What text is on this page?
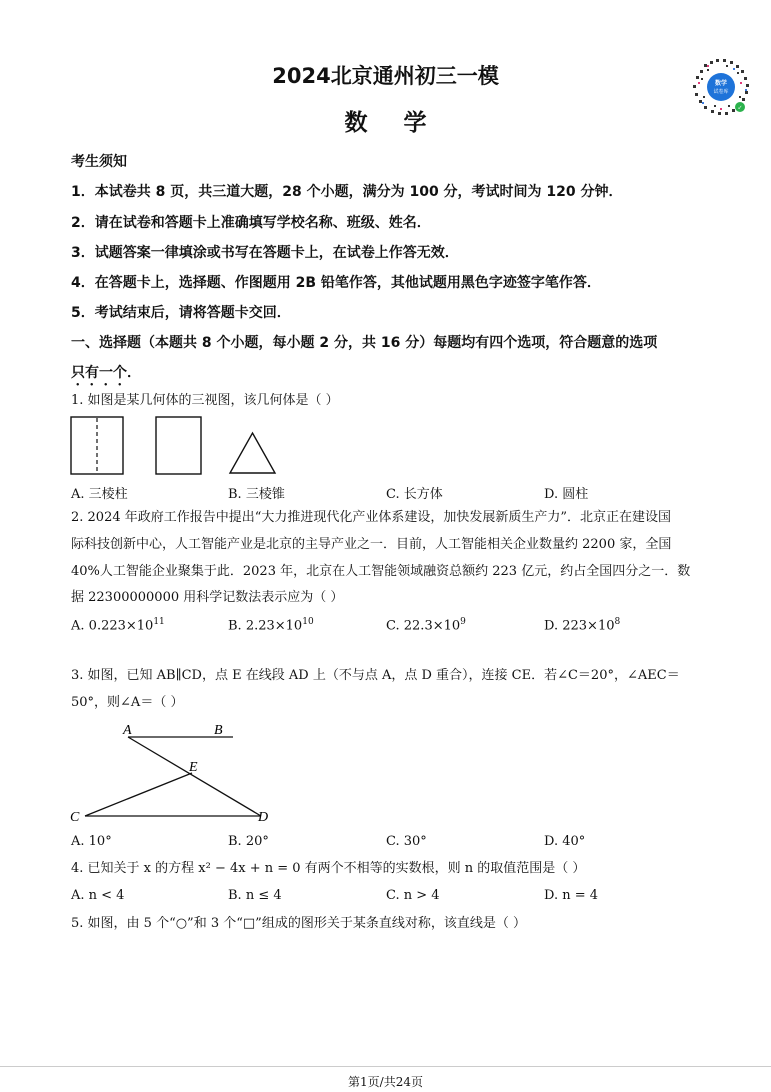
2024北京通州初三一模
数学
数学
试卷库
✓
考生须知
1．本试卷共 8 页，共三道大题，28 个小题，满分为 100 分，考试时间为 120 分钟．
2．请在试卷和答题卡上准确填写学校名称、班级、姓名．
3．试题答案一律填涂或书写在答题卡上，在试卷上作答无效．
4．在答题卡上，选择题、作图题用 2B 铅笔作答，其他试题用黑色字迹签字笔作答．
5．考试结束后，请将答题卡交回．
一、选择题（本题共 8 个小题，每小题 2 分，共 16 分）每题均有四个选项，符合题意的选项
只有一个．
1. 如图是某几何体的三视图，该几何体是（ ）
A. 三棱柱	B. 三棱锥	C. 长方体	D. 圆柱
2. 2024 年政府工作报告中提出“大力推进现代化产业体系建设，加快发展新质生产力”．北京正在建设国
际科技创新中心，人工智能产业是北京的主导产业之一．目前，人工智能相关企业数量约 2200 家，全国
40%人工智能企业聚集于此．2023 年，北京在人工智能领域融资总额约 223 亿元，约占全国四分之一．数
据 22300000000 用科学记数法表示应为（ ）
A. $0.223\times 10^{11}$	B. $2.23\times 10^{10}$	C. $22.3\times 10^9$	D. $223\times 10^8$
3. 如图，已知 AB∥CD，点 E 在线段 AD 上（不与点 A，点 D 重合），连接 CE．若∠C＝20°，∠AEC＝
50°，则∠A＝（ ）
A	B
E
C	D
A. 10°	B. 20°	C. 30°	D. 40°
4. 已知关于 x 的方程 x² − 4x + n = 0 有两个不相等的实数根，则 n 的取值范围是（ ）
A. n < 4	B. n ≤ 4	C. n > 4	D. n = 4
5. 如图，由 5 个“○”和 3 个“□”组成的图形关于某条直线对称，该直线是（ ）
第1页/共24页
